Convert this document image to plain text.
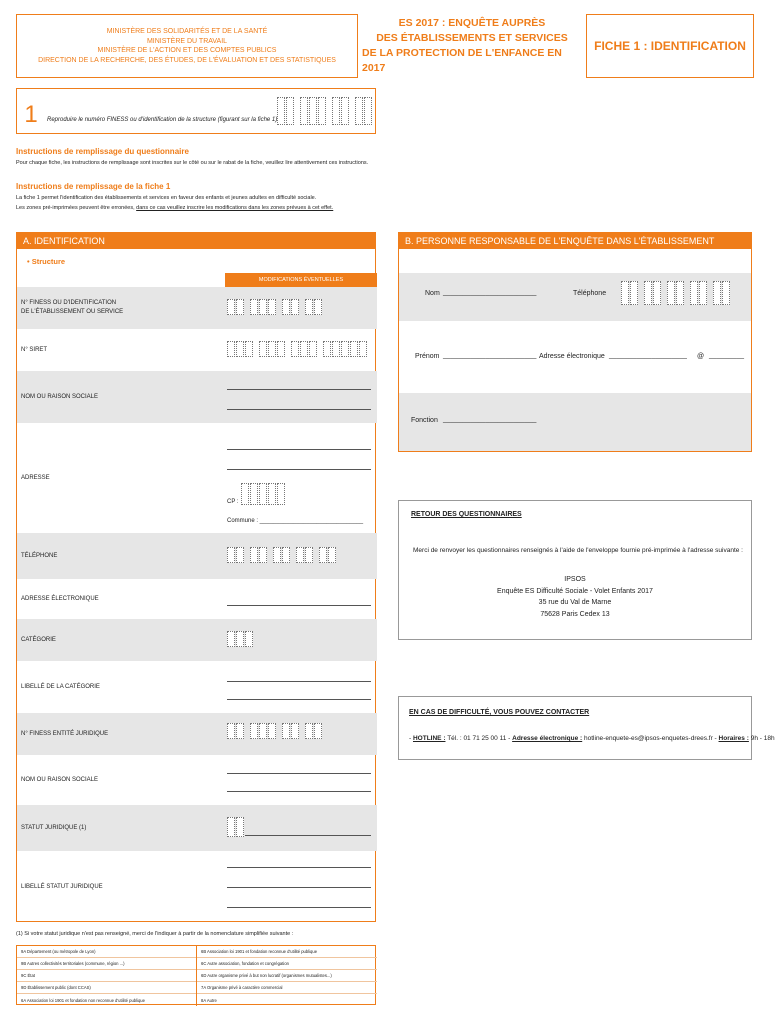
MINISTÈRE DES SOLIDARITÉS ET DE LA SANTÉ
MINISTÈRE DU TRAVAIL
MINISTÈRE DE L'ACTION ET DES COMPTES PUBLICS
DIRECTION DE LA RECHERCHE, DES ÉTUDES, DE L'ÉVALUATION ET DES STATISTIQUES
ES 2017 : ENQUÊTE AUPRÈS
DES ÉTABLISSEMENTS ET SERVICES
DE LA PROTECTION DE L'ENFANCE EN 2017
FICHE 1 : IDENTIFICATION
1	Reproduire le numéro FINESS ou d'identification de la structure (figurant sur la fiche 1)
Instructions de remplissage du questionnaire
Pour chaque fiche, les instructions de remplissage sont inscrites sur le côté ou sur le rabat de la fiche, veuillez lire attentivement ces instructions.
Instructions de remplissage de la fiche 1
La fiche 1 permet l'identification des établissements et services en faveur des enfants et jeunes adultes en difficulté sociale.
Les zones pré-imprimées peuvent être erronées, dans ce cas veuillez inscrire les modifications dans les zones prévues à cet effet.
A. IDENTIFICATION
• Structure
MODIFICATIONS ÉVENTUELLES
N° FINESS OU D'IDENTIFICATION
DE L'ÉTABLISSEMENT OU SERVICE
N° SIRET
NOM OU RAISON SOCIALE
ADRESSE
CP :
Commune : _______________________________
TÉLÉPHONE
ADRESSE ÉLECTRONIQUE
CATÉGORIE
LIBELLÉ DE LA CATÉGORIE
N° FINESS ENTITÉ JURIDIQUE
NOM OU RAISON SOCIALE
STATUT JURIDIQUE (1)
LIBELLÉ STATUT JURIDIQUE
(1) Si votre statut juridique n'est pas renseigné, merci de l'indiquer à partir de la nomenclature simplifiée suivante :
9A Département (ou métropole de Lyon)
9B Autres collectivités territoriales (commune, région ...)
9C État
9D Établissement public (dont CCAS)
6A Association loi 1901 et fondation non reconnue d'utilité publique
6B Association loi 1901 et fondation reconnue d'utilité publique
6C Autre association, fondation et congrégation
6D Autre organisme privé à but non lucratif (organismes mutualistes...)
7A Organisme privé à caractère commercial
8A Autre
B. PERSONNE RESPONSABLE DE L'ENQUÊTE DANS L'ÉTABLISSEMENT
Nom ________________________	Téléphone
Prénom ________________________ Adresse électronique ____________________ @ _________
Fonction ________________________
RETOUR DES QUESTIONNAIRES
Merci de renvoyer les questionnaires renseignés à l'aide de l'enveloppe fournie pré-imprimée à l'adresse suivante :
IPSOS
Enquête ES Difficulté Sociale - Volet Enfants 2017
35 rue du Val de Marne
75628 Paris Cedex 13
EN CAS DE DIFFICULTÉ, VOUS POUVEZ CONTACTER
- HOTLINE : Tél. : 01 71 25 00 11 - Adresse électronique : hotline-enquete-es@ipsos-enquetes-drees.fr - Horaires : 9h - 18h
